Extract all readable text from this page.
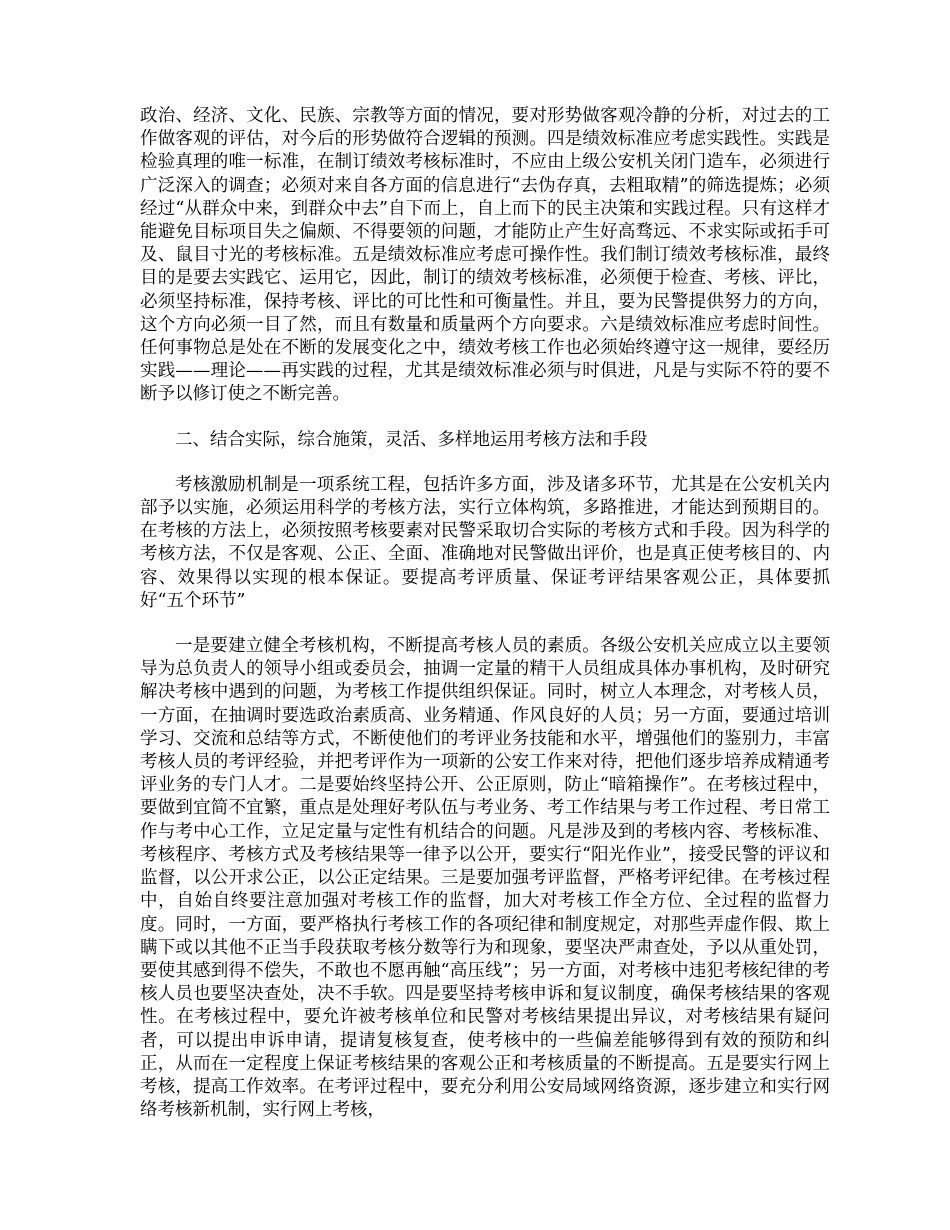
政治、经济、文化、民族、宗教等方面的情况，要对形势做客观冷静的分析，对过去的工作做客观的评估，对今后的形势做符合逻辑的预测。四是绩效标准应考虑实践性。实践是检验真理的唯一标准，在制订绩效考核标准时，不应由上级公安机关闭门造车，必须进行广泛深入的调查；必须对来自各方面的信息进行“去伪存真，去粗取精”的筛选提炼；必须经过“从群众中来，到群众中去”自下而上，自上而下的民主决策和实践过程。只有这样才能避免目标项目失之偏颇、不得要领的问题，才能防止产生好高骛远、不求实际或拓手可及、鼠目寸光的考核标准。五是绩效标准应考虑可操作性。我们制订绩效考核标准，最终目的是要去实践它、运用它，因此，制订的绩效考核标准，必须便于检查、考核、评比，必须坚持标准，保持考核、评比的可比性和可衡量性。并且，要为民警提供努力的方向，这个方向必须一目了然，而且有数量和质量两个方向要求。六是绩效标准应考虑时间性。任何事物总是处在不断的发展变化之中，绩效考核工作也必须始终遵守这一规律，要经历实践——理论——再实践的过程，尤其是绩效标准必须与时俱进，凡是与实际不符的要不断予以修订使之不断完善。

二、结合实际，综合施策，灵活、多样地运用考核方法和手段

考核激励机制是一项系统工程，包括许多方面，涉及诸多环节，尤其是在公安机关内部予以实施，必须运用科学的考核方法，实行立体构筑，多路推进，才能达到预期目的。在考核的方法上，必须按照考核要素对民警采取切合实际的考核方式和手段。因为科学的考核方法，不仅是客观、公正、全面、准确地对民警做出评价，也是真正使考核目的、内容、效果得以实现的根本保证。要提高考评质量、保证考评结果客观公正，具体要抓好“五个环节”

一是要建立健全考核机构，不断提高考核人员的素质。各级公安机关应成立以主要领导为总负责人的领导小组或委员会，抽调一定量的精干人员组成具体办事机构，及时研究解决考核中遇到的问题，为考核工作提供组织保证。同时，树立人本理念，对考核人员，一方面，在抽调时要选政治素质高、业务精通、作风良好的人员；另一方面，要通过培训学习、交流和总结等方式，不断使他们的考评业务技能和水平，增强他们的鉴别力，丰富考核人员的考评经验，并把考评作为一项新的公安工作来对待，把他们逐步培养成精通考评业务的专门人才。二是要始终坚持公开、公正原则，防止“暗箱操作”。在考核过程中，要做到宜简不宜繁，重点是处理好考队伍与考业务、考工作结果与考工作过程、考日常工作与考中心工作，立足定量与定性有机结合的问题。凡是涉及到的考核内容、考核标准、考核程序、考核方式及考核结果等一律予以公开，要实行“阳光作业”，接受民警的评议和监督，以公开求公正，以公正定结果。三是要加强考评监督，严格考评纪律。在考核过程中，自始自终要注意加强对考核工作的监督，加大对考核工作全方位、全过程的监督力度。同时，一方面，要严格执行考核工作的各项纪律和制度规定，对那些弄虚作假、欺上瞒下或以其他不正当手段获取考核分数等行为和现象，要坚决严肃查处，予以从重处罚，要使其感到得不偿失，不敢也不愿再触“高压线”；另一方面，对考核中违犯考核纪律的考核人员也要坚决查处，决不手软。四是要坚持考核申诉和复议制度，确保考核结果的客观性。在考核过程中，要允许被考核单位和民警对考核结果提出异议，对考核结果有疑问者，可以提出申诉申请，提请复核复查，使考核中的一些偏差能够得到有效的预防和纠正，从而在一定程度上保证考核结果的客观公正和考核质量的不断提高。五是要实行网上考核，提高工作效率。在考评过程中，要充分利用公安局域网络资源，逐步建立和实行网络考核新机制，实行网上考核，
